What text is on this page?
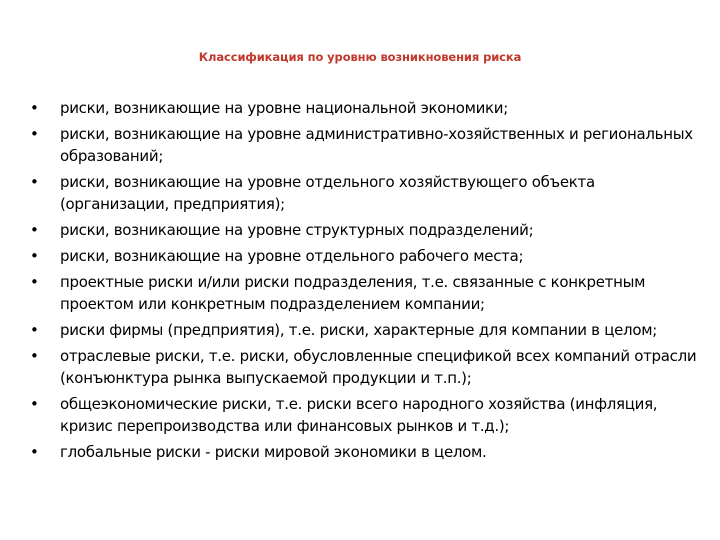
Классификация по уровню возникновения риска
•	риски, возникающие на уровне национальной экономики;
•	риски, возникающие на уровне административно-хозяйственных и региональных образований;
•	риски, возникающие на уровне отдельного хозяйствующего объекта (организации, предприятия);
•	риски, возникающие на уровне структурных подразделений;
•	риски, возникающие на уровне отдельного рабочего места;
•	проектные риски и/или риски подразделения, т.е. связанные с конкретным проектом или конкретным подразделением компании;
•	риски фирмы (предприятия), т.е. риски, характерные для компании в целом;
•	отраслевые риски, т.е. риски, обусловленные спецификой всех компаний отрасли (конъюнктура рынка выпускаемой продукции и т.п.);
•	общеэкономические риски, т.е. риски всего народного хозяйства (инфляция, кризис перепроизводства или финансовых рынков и т.д.);
•	глобальные риски - риски мировой экономики в целом.
